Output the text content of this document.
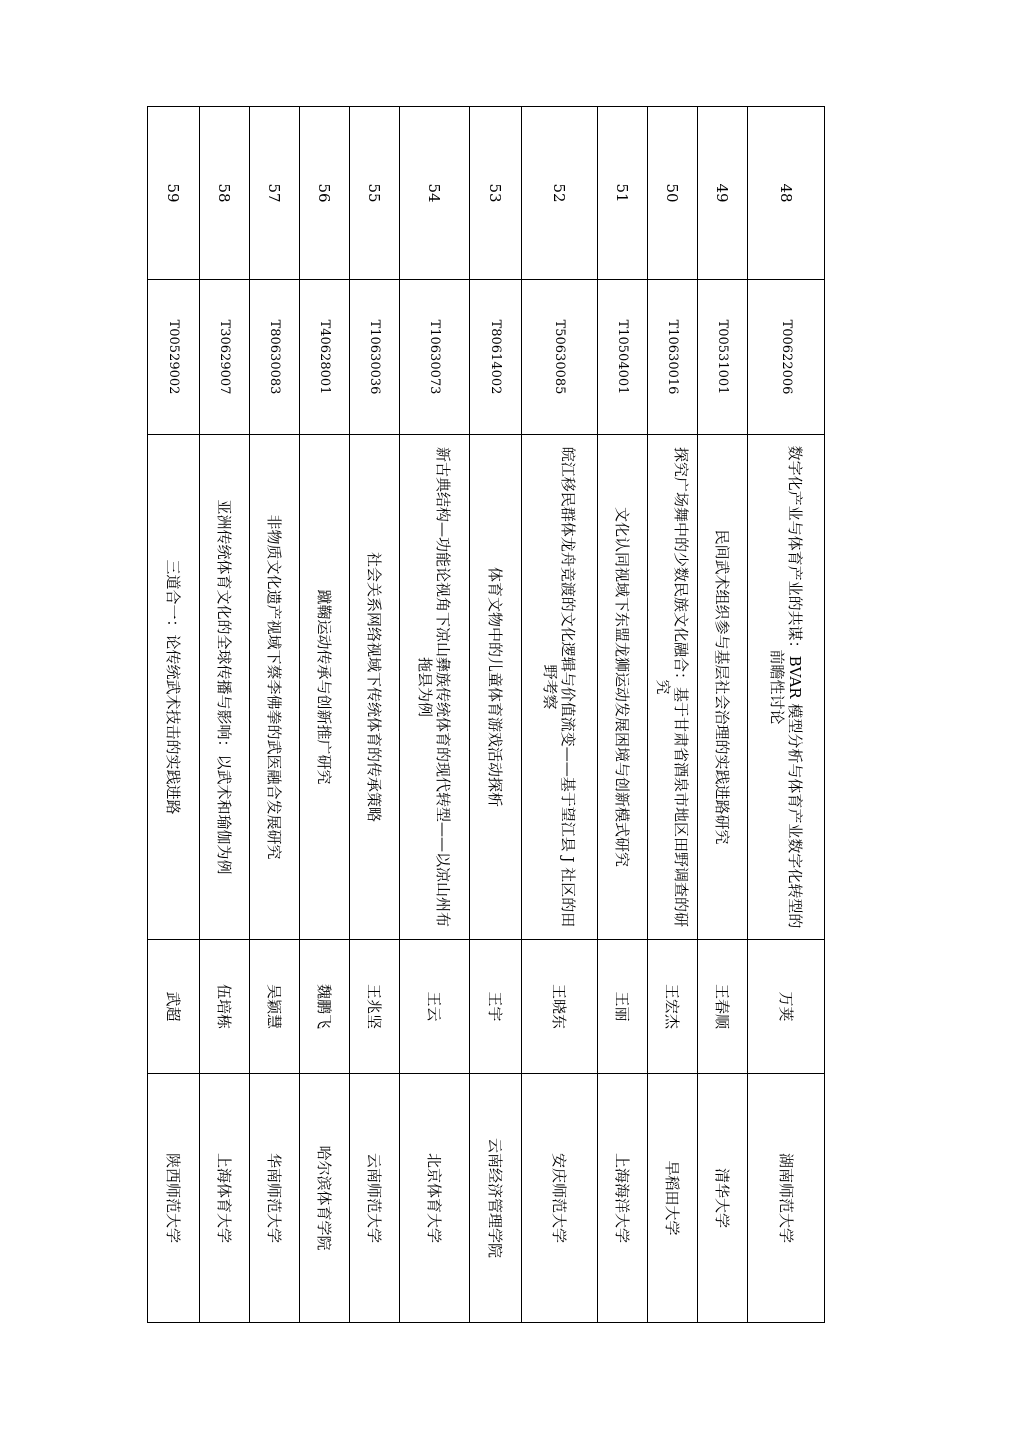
48	T00622006	数字化产业与体育产业的共谋：BVAR 模型分析与体育产业数字化转型的前瞻性讨论	万荚	湖南师范大学
49	T00531001	民间武术组织参与基层社会治理的实践进路研究	王春顺	清华大学
50	T10630016	探究广场舞中的少数民族文化融合：基于甘肃省酒泉市地区田野调查的研究	王宏杰	早稻田大学
51	T10504001	文化认同视域下东盟龙狮运动发展困境与创新模式研究	王丽	上海海洋大学
52	T50630085	皖江移民群体龙舟竞渡的文化逻辑与价值流变——基于望江县 J 社区的田野考察	王晓东	安庆师范大学
53	T80614002	体育文物中的儿童体育游戏活动探析	王宇	云南经济管理学院
54	T10630073	新古典结构—功能论视角下凉山彝族传统体育的现代转型——以凉山州布拖县为例	王云	北京体育大学
55	T10630036	社会关系网络视域下传统体育的传承策略	王兆坚	云南师范大学
56	T40628001	蹴鞠运动传承与创新推广研究	魏鹏飞	哈尔滨体育学院
57	T80630083	非物质文化遗产视域下蔡李佛拳的武医融合发展研究	吴颖慧	华南师范大学
58	T30629007	亚洲传统体育文化的全球传播与影响：以武术和瑜伽为例	伍培栋	上海体育大学
59	T00529002	三道合一：论传统武术技击的实践进路	武超	陕西师范大学
